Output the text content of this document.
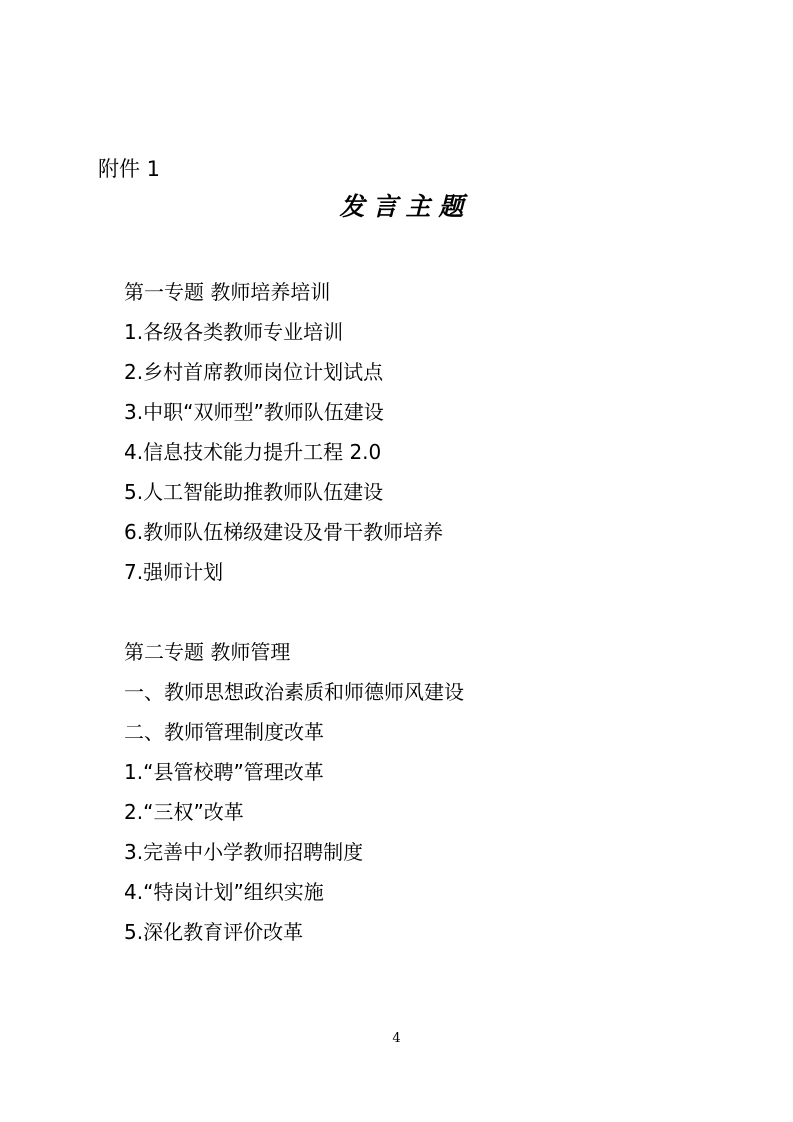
附件 1
发言主题
第一专题 教师培养培训
1.各级各类教师专业培训
2.乡村首席教师岗位计划试点
3.中职“双师型”教师队伍建设
4.信息技术能力提升工程 2.0
5.人工智能助推教师队伍建设
6.教师队伍梯级建设及骨干教师培养
7.强师计划
第二专题 教师管理
一、教师思想政治素质和师德师风建设
二、教师管理制度改革
1.“县管校聘”管理改革
2.“三权”改革
3.完善中小学教师招聘制度
4.“特岗计划”组织实施
5.深化教育评价改革
4
